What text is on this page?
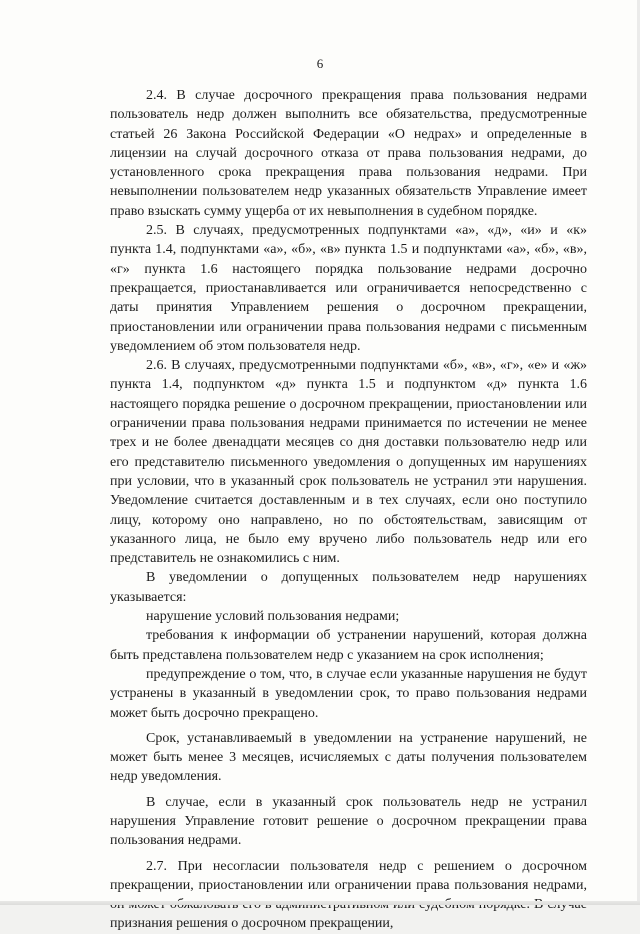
6

2.4. В случае досрочного прекращения права пользования недрами пользователь недр должен выполнить все обязательства, предусмотренные статьей 26 Закона Российской Федерации «О недрах» и определенные в лицензии на случай досрочного отказа от права пользования недрами, до установленного срока прекращения права пользования недрами. При невыполнении пользователем недр указанных обязательств Управление имеет право взыскать сумму ущерба от их невыполнения в судебном порядке.

2.5. В случаях, предусмотренных подпунктами «а», «д», «и» и «к» пункта 1.4, подпунктами «а», «б», «в» пункта 1.5 и подпунктами «а», «б», «в», «г» пункта 1.6 настоящего порядка пользование недрами досрочно прекращается, приостанавливается или ограничивается непосредственно с даты принятия Управлением решения о досрочном прекращении, приостановлении или ограничении права пользования недрами с письменным уведомлением об этом пользователя недр.

2.6. В случаях, предусмотренными подпунктами «б», «в», «г», «е» и «ж» пункта 1.4, подпунктом «д» пункта 1.5 и подпунктом «д» пункта 1.6 настоящего порядка решение о досрочном прекращении, приостановлении или ограничении права пользования недрами принимается по истечении не менее трех и не более двенадцати месяцев со дня доставки пользователю недр или его представителю письменного уведомления о допущенных им нарушениях при условии, что в указанный срок пользователь не устранил эти нарушения. Уведомление считается доставленным и в тех случаях, если оно поступило лицу, которому оно направлено, но по обстоятельствам, зависящим от указанного лица, не было ему вручено либо пользователь недр или его представитель не ознакомились с ним.

В уведомлении о допущенных пользователем недр нарушениях указывается:

нарушение условий пользования недрами;

требования к информации об устранении нарушений, которая должна быть представлена пользователем недр с указанием на срок исполнения;

предупреждение о том, что, в случае если указанные нарушения не будут устранены в указанный в уведомлении срок, то право пользования недрами может быть досрочно прекращено.

Срок, устанавливаемый в уведомлении на устранение нарушений, не может быть менее 3 месяцев, исчисляемых с даты получения пользователем недр уведомления.

В случае, если в указанный срок пользователь недр не устранил нарушения Управление готовит решение о досрочном прекращении права пользования недрами.

2.7. При несогласии пользователя недр с решением о досрочном прекращении, приостановлении или ограничении права пользования недрами, признания решения о досрочном прекращении,
